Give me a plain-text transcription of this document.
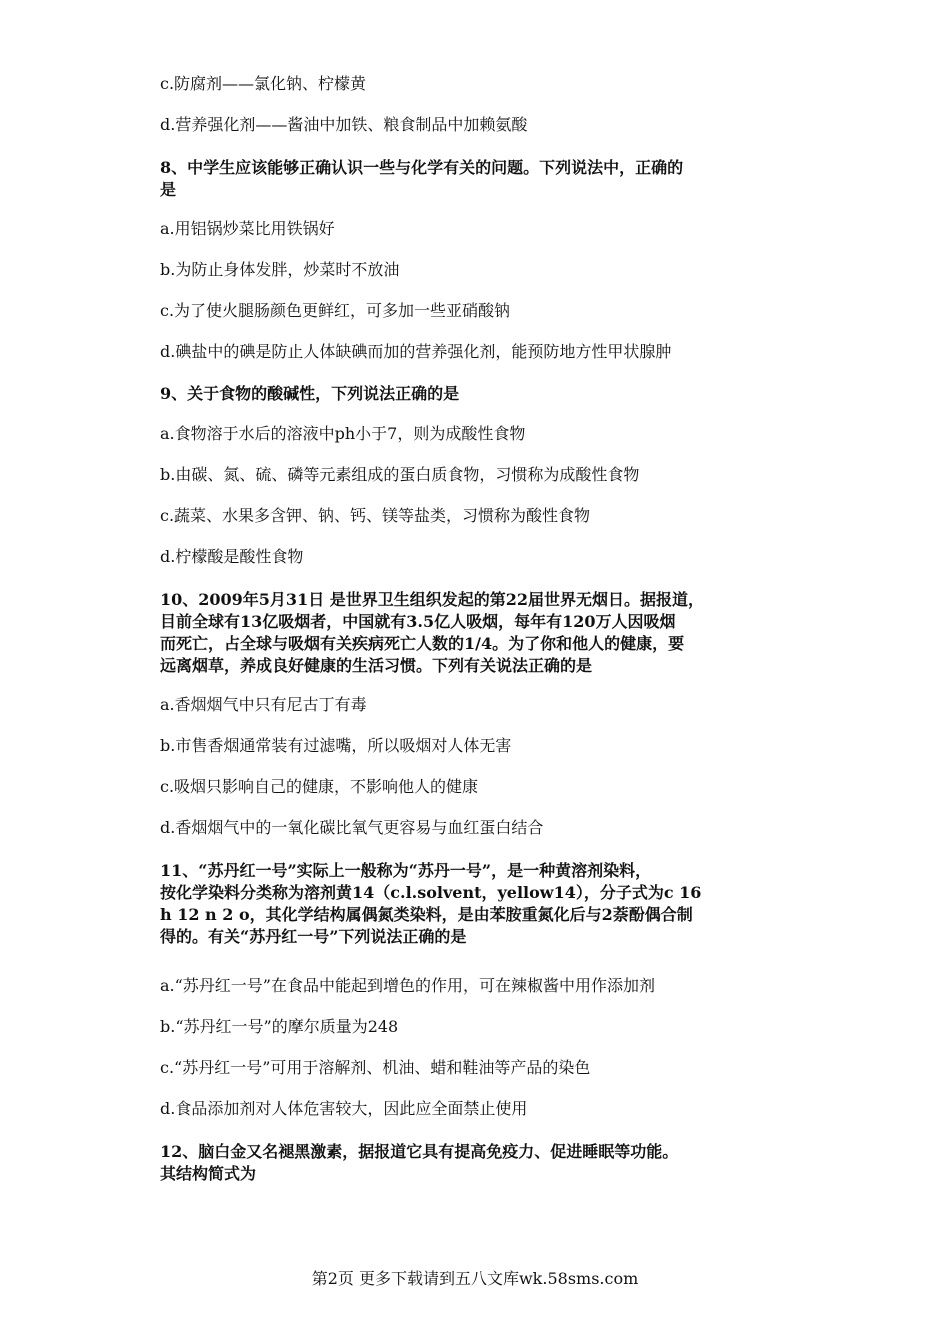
c.防腐剂——氯化钠、柠檬黄
d.营养强化剂——酱油中加铁、粮食制品中加赖氨酸
8、中学生应该能够正确认识一些与化学有关的问题。下列说法中，正确的
是
a.用铝锅炒菜比用铁锅好
b.为防止身体发胖，炒菜时不放油
c.为了使火腿肠颜色更鲜红，可多加一些亚硝酸钠
d.碘盐中的碘是防止人体缺碘而加的营养强化剂，能预防地方性甲状腺肿
9、关于食物的酸碱性，下列说法正确的是
a.食物溶于水后的溶液中ph小于7，则为成酸性食物
b.由碳、氮、硫、磷等元素组成的蛋白质食物，习惯称为成酸性食物
c.蔬菜、水果多含钾、钠、钙、镁等盐类，习惯称为酸性食物
d.柠檬酸是酸性食物
10、2009年5月31日 是世界卫生组织发起的第22届世界无烟日。据报道，
目前全球有13亿吸烟者，中国就有3.5亿人吸烟，每年有120万人因吸烟
而死亡，占全球与吸烟有关疾病死亡人数的1/4。为了你和他人的健康，要
远离烟草，养成良好健康的生活习惯。下列有关说法正确的是
a.香烟烟气中只有尼古丁有毒
b.市售香烟通常装有过滤嘴，所以吸烟对人体无害
c.吸烟只影响自己的健康，不影响他人的健康
d.香烟烟气中的一氧化碳比氧气更容易与血红蛋白结合
11、“苏丹红一号”实际上一般称为“苏丹一号”，是一种黄溶剂染料，
按化学染料分类称为溶剂黄14（c.l.solvent，yellow14），分子式为c 16
h 12 n 2 o，其化学结构属偶氮类染料，是由苯胺重氮化后与2萘酚偶合制
得的。有关“苏丹红一号”下列说法正确的是
a.“苏丹红一号”在食品中能起到增色的作用，可在辣椒酱中用作添加剂
b.“苏丹红一号”的摩尔质量为248
c.“苏丹红一号”可用于溶解剂、机油、蜡和鞋油等产品的染色
d.食品添加剂对人体危害较大，因此应全面禁止使用
12、脑白金又名褪黑激素，据报道它具有提高免疫力、促进睡眠等功能。
其结构简式为
第2页 更多下载请到五八文库wk.58sms.com
